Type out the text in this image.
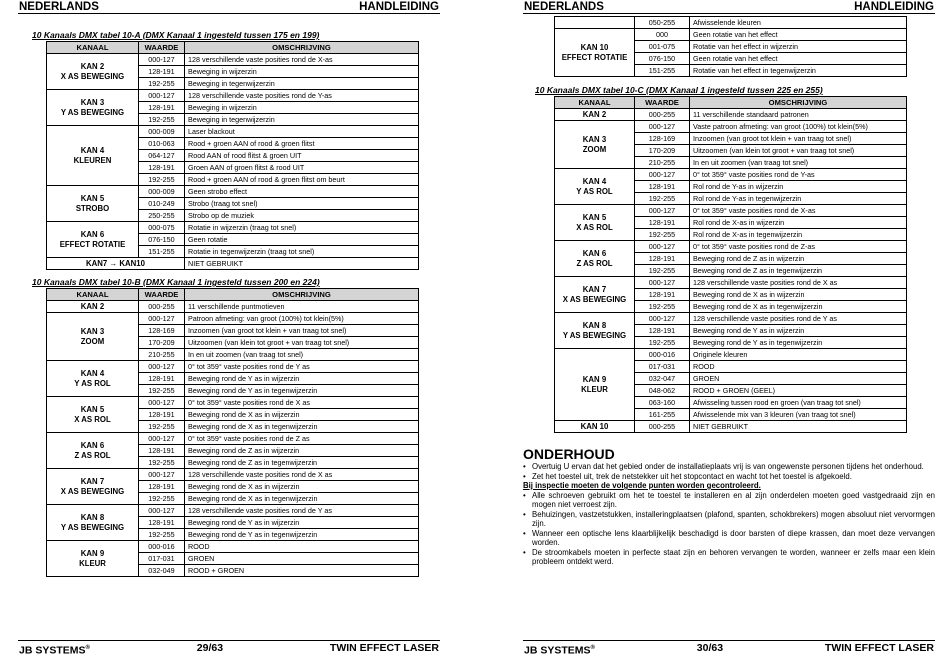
NEDERLANDS	HANDLEIDING
10 Kanaals DMX tabel 10-A (DMX Kanaal 1 ingesteld tussen 175 en 199)
KANAAL	WAARDE	OMSCHRIJVING
KAN 2
X AS BEWEGING	000-127	128 verschillende vaste posities rond de X-as
	128-191	Beweging in wijzerzin
	192-255	Beweging in tegenwijzerzin
KAN 3
Y AS BEWEGING	000-127	128 verschillende vaste posities rond de Y-as
	128-191	Beweging in wijzerzin
	192-255	Beweging in tegenwijzerzin
KAN 4
KLEUREN	000-009	Laser blackout
	010-063	Rood + groen AAN of rood & groen flitst
	064-127	Rood AAN of rood flitst & groen UIT
	128-191	Groen AAN of groen flitst & rood UIT
	192-255	Rood + groen AAN of rood & groen flitst om beurt
KAN 5
STROBO	000-009	Geen strobo effect
	010-249	Strobo (traag tot snel)
	250-255	Strobo op de muziek
KAN 6
EFFECT ROTATIE	000-075	Rotatie in wijzerzin (traag tot snel)
	076-150	Geen rotatie
	151-255	Rotatie in tegenwijzerzin (traag tot snel)
KAN7 → KAN10		NIET GEBRUIKT
10 Kanaals DMX tabel 10-B (DMX Kanaal 1 ingesteld tussen 200 en 224)
KANAAL	WAARDE	OMSCHRIJVING
KAN 2	000-255	11 verschillende puntmotieven
KAN 3
ZOOM	000-127	Patroon afmeting: van groot (100%) tot klein(5%)
	128-169	Inzoomen (van groot tot klein + van traag tot snel)
	170-209	Uitzoomen (van klein tot groot + van traag tot snel)
	210-255	In en uit zoomen (van traag tot snel)
KAN 4
Y AS ROL	000-127	0° tot 359° vaste posities rond de Y as
	128-191	Beweging rond de Y as in wijzerzin
	192-255	Beweging rond de Y as in tegenwijzerzin
KAN 5
X AS ROL	000-127	0° tot 359° vaste posities rond de X as
	128-191	Beweging rond de X as in wijzerzin
	192-255	Beweging rond de X as in tegenwijzerzin
KAN 6
Z AS ROL	000-127	0° tot 359° vaste posities rond de Z as
	128-191	Beweging rond de Z as in wijzerzin
	192-255	Beweging rond de Z as in tegenwijzerzin
KAN 7
X AS BEWEGING	000-127	128 verschillende vaste posities rond de X as
	128-191	Beweging rond de X as in wijzerzin
	192-255	Beweging rond de X as in tegenwijzerzin
KAN 8
Y AS BEWEGING	000-127	128 verschillende vaste posities rond de Y as
	128-191	Beweging rond de Y as in wijzerzin
	192-255	Beweging rond de Y as in tegenwijzerzin
KAN 9
KLEUR	000-016	ROOD
	017-031	GROEN
	032-049	ROOD + GROEN
JB SYSTEMS®	29/63	TWIN EFFECT LASER
NEDERLANDS	HANDLEIDING
	050-255	Afwisselende kleuren
KAN 10
EFFECT ROTATIE	000	Geen rotatie van het effect
	001-075	Rotatie van het effect in wijzerzin
	076-150	Geen rotatie van het effect
	151-255	Rotatie van het effect in tegenwijzerzin
10 Kanaals DMX tabel 10-C (DMX Kanaal 1 ingesteld tussen 225 en 255)
KANAAL	WAARDE	OMSCHRIJVING
KAN 2	000-255	11 verschillende standaard patronen
KAN 3
ZOOM	000-127	Vaste patroon afmeting: van groot (100%) tot klein(5%)
	128-169	Inzoomen (van groot tot klein + van traag tot snel)
	170-209	Uitzoomen (van klein tot groot + van traag tot snel)
	210-255	In en uit zoomen (van traag tot snel)
KAN 4
Y AS ROL	000-127	0° tot 359° vaste posities rond de Y-as
	128-191	Rol rond de Y-as in wijzerzin
	192-255	Rol rond de Y-as in tegenwijzerzin
KAN 5
X AS ROL	000-127	0° tot 359° vaste posities rond de X-as
	128-191	Rol rond de X-as in wijzerzin
	192-255	Rol rond de X-as in tegenwijzerzin
KAN 6
Z AS ROL	000-127	0° tot 359° vaste posities rond de Z-as
	128-191	Beweging rond de Z as in wijzerzin
	192-255	Beweging rond de Z as in tegenwijzerzin
KAN 7
X AS BEWEGING	000-127	128 verschillende vaste posities rond de X as
	128-191	Beweging rond de X as in wijzerzin
	192-255	Beweging rond de X as in tegenwijzerzin
KAN 8
Y AS BEWEGING	000-127	128 verschillende vaste posities rond de Y as
	128-191	Beweging rond de Y as in wijzerzin
	192-255	Beweging rond de Y as in tegenwijzerzin
KAN 9
KLEUR	000-016	Originele kleuren
	017-031	ROOD
	032-047	GROEN
	048-062	ROOD + GROEN (GEEL)
	063-160	Afwisseling tussen rood en groen (van traag tot snel)
	161-255	Afwisselende mix van 3 kleuren (van traag tot snel)
KAN 10	000-255	NIET GEBRUIKT
ONDERHOUD
• Overtuig U ervan dat het gebied onder de installatieplaats vrij is van ongewenste personen tijdens het onderhoud.
• Zet het toestel uit, trek de netstekker uit het stopcontact en wacht tot het toestel is afgekoeld.
Bij inspectie moeten de volgende punten worden gecontroleerd.
• Alle schroeven gebruikt om het te toestel te installeren en al zijn onderdelen moeten goed vastgedraaid zijn en mogen niet verroest zijn.
• Behuizingen, vastzetstukken, installeringplaatsen (plafond, spanten, schokbrekers) mogen absoluut niet vervormgen zijn.
• Wanneer een optische lens klaarblijkelijk beschadigd is door barsten of diepe krassen, dan moet deze vervangen worden.
• De stroomkabels moeten in perfecte staat zijn en behoren vervangen te worden, wanneer er zelfs maar een klein probleem ontdekt werd.
JB SYSTEMS®	30/63	TWIN EFFECT LASER
